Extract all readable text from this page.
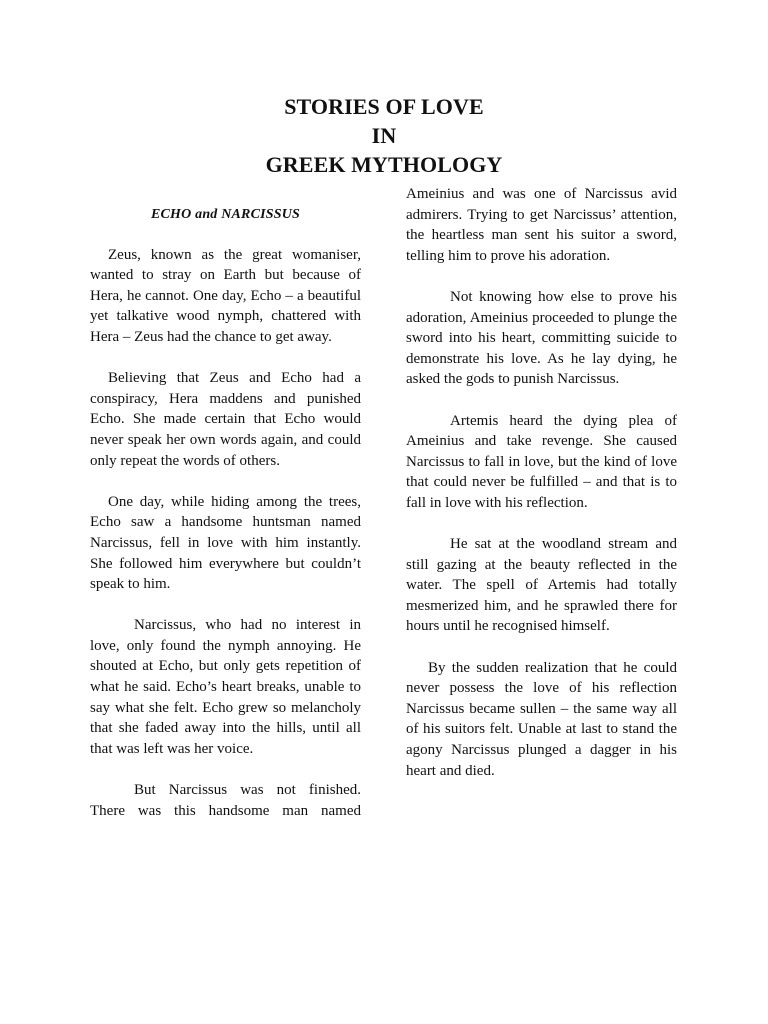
STORIES OF LOVE
IN
GREEK MYTHOLOGY
ECHO and NARCISSUS

Zeus, known as the great womaniser, wanted to stray on Earth but because of Hera, he cannot. One day, Echo – a beautiful yet talkative wood nymph, chattered with Hera – Zeus had the chance to get away.

Believing that Zeus and Echo had a conspiracy, Hera maddens and punished Echo. She made certain that Echo would never speak her own words again, and could only repeat the words of others.

One day, while hiding among the trees, Echo saw a handsome huntsman named Narcissus, fell in love with him instantly. She followed him everywhere but couldn’t speak to him.

Narcissus, who had no interest in love, only found the nymph annoying. He shouted at Echo, but only gets repetition of what he said. Echo’s heart breaks, unable to say what she felt. Echo grew so melancholy that she faded away into the hills, until all that was left was her voice.

But Narcissus was not finished. There was this handsome man named

Ameinius and was one of Narcissus avid admirers. Trying to get Narcissus’ attention, the heartless man sent his suitor a sword, telling him to prove his adoration.

Not knowing how else to prove his adoration, Ameinius proceeded to plunge the sword into his heart, committing suicide to demonstrate his love. As he lay dying, he asked the gods to punish Narcissus.

Artemis heard the dying plea of Ameinius and take revenge. She caused Narcissus to fall in love, but the kind of love that could never be fulfilled – and that is to fall in love with his reflection.

He sat at the woodland stream and still gazing at the beauty reflected in the water. The spell of Artemis had totally mesmerized him, and he sprawled there for hours until he recognised himself.

By the sudden realization that he could never possess the love of his reflection Narcissus became sullen – the same way all of his suitors felt. Unable at last to stand the agony Narcissus plunged a dagger in his heart and died.
